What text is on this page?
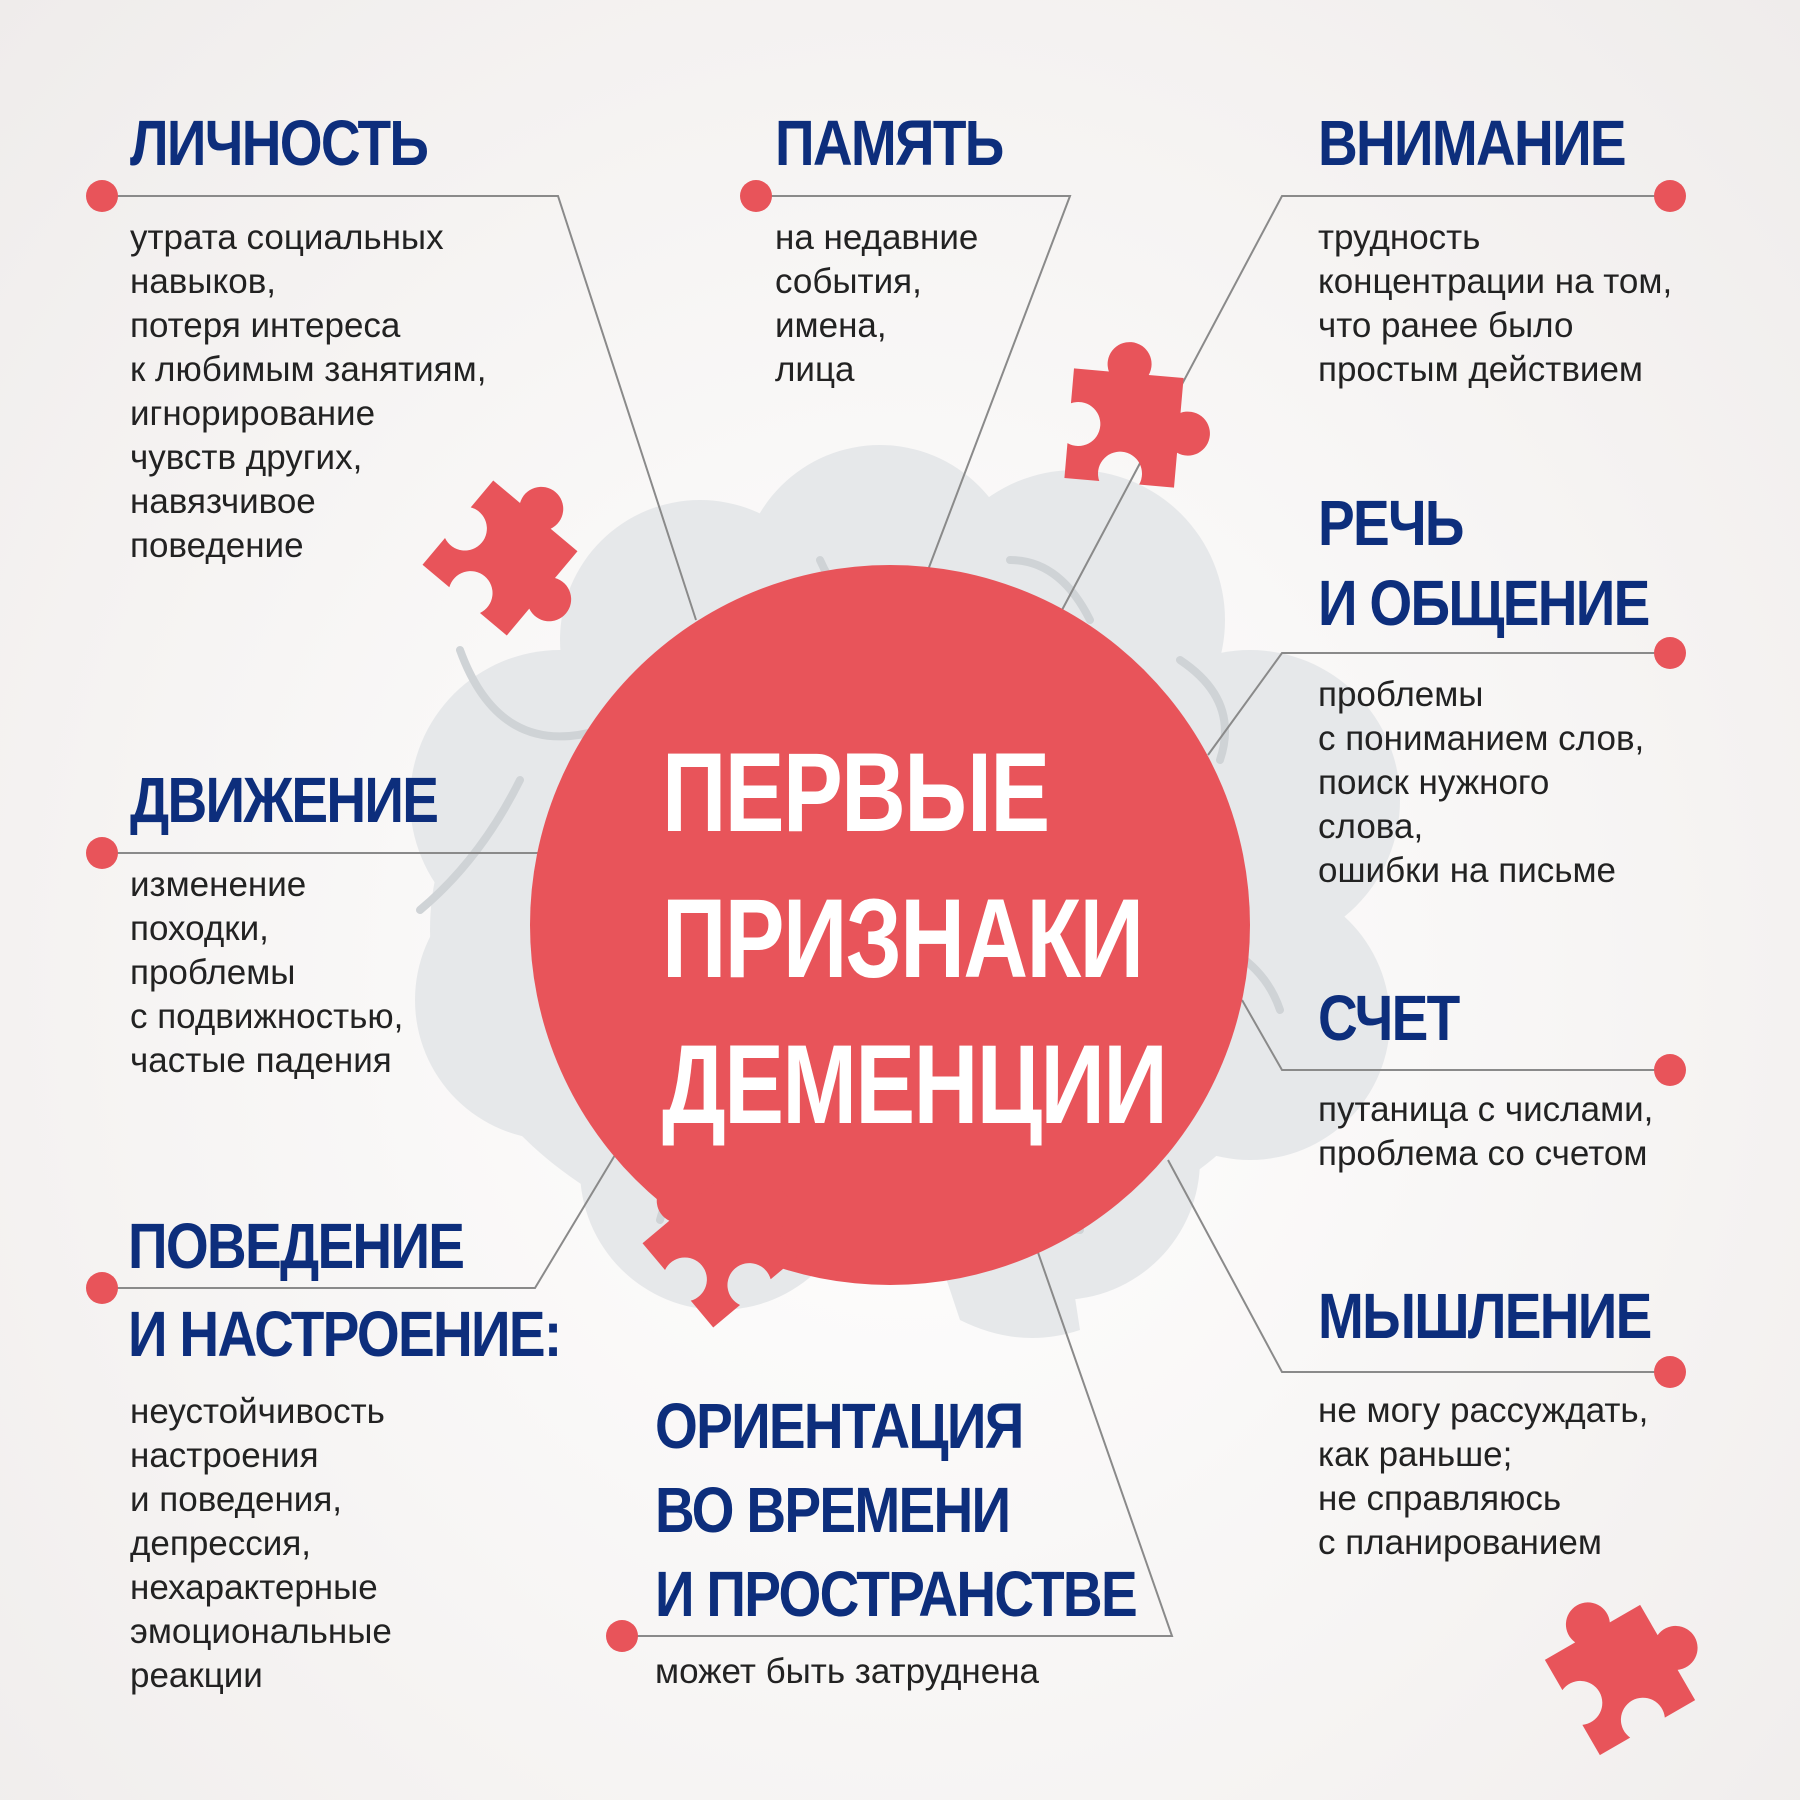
ПЕРВЫЕ
ПРИЗНАКИ
ДЕМЕНЦИИ
ЛИЧНОСТЬ
утрата социальных
навыков,
потеря интереса
к любимым занятиям,
игнорирование
чувств других,
навязчивое
поведение
ПАМЯТЬ
на недавние
события,
имена,
лица
ВНИМАНИЕ
трудность
концентрации на том,
что ранее было
простым действием
РЕЧЬ
И ОБЩЕНИЕ
проблемы
с пониманием слов,
поиск нужного
слова,
ошибки на письме
ДВИЖЕНИЕ
изменение
походки,
проблемы
с подвижностью,
частые падения
СЧЕТ
путаница с числами,
проблема со счетом
ПОВЕДЕНИЕ
И НАСТРОЕНИЕ:
неустойчивость
настроения
и поведения,
депрессия,
нехарактерные
эмоциональные
реакции
МЫШЛЕНИЕ
не могу рассуждать,
как раньше;
не справляюсь
с планированием
ОРИЕНТАЦИЯ
ВО ВРЕМЕНИ
И ПРОСТРАНСТВЕ
может быть затруднена
